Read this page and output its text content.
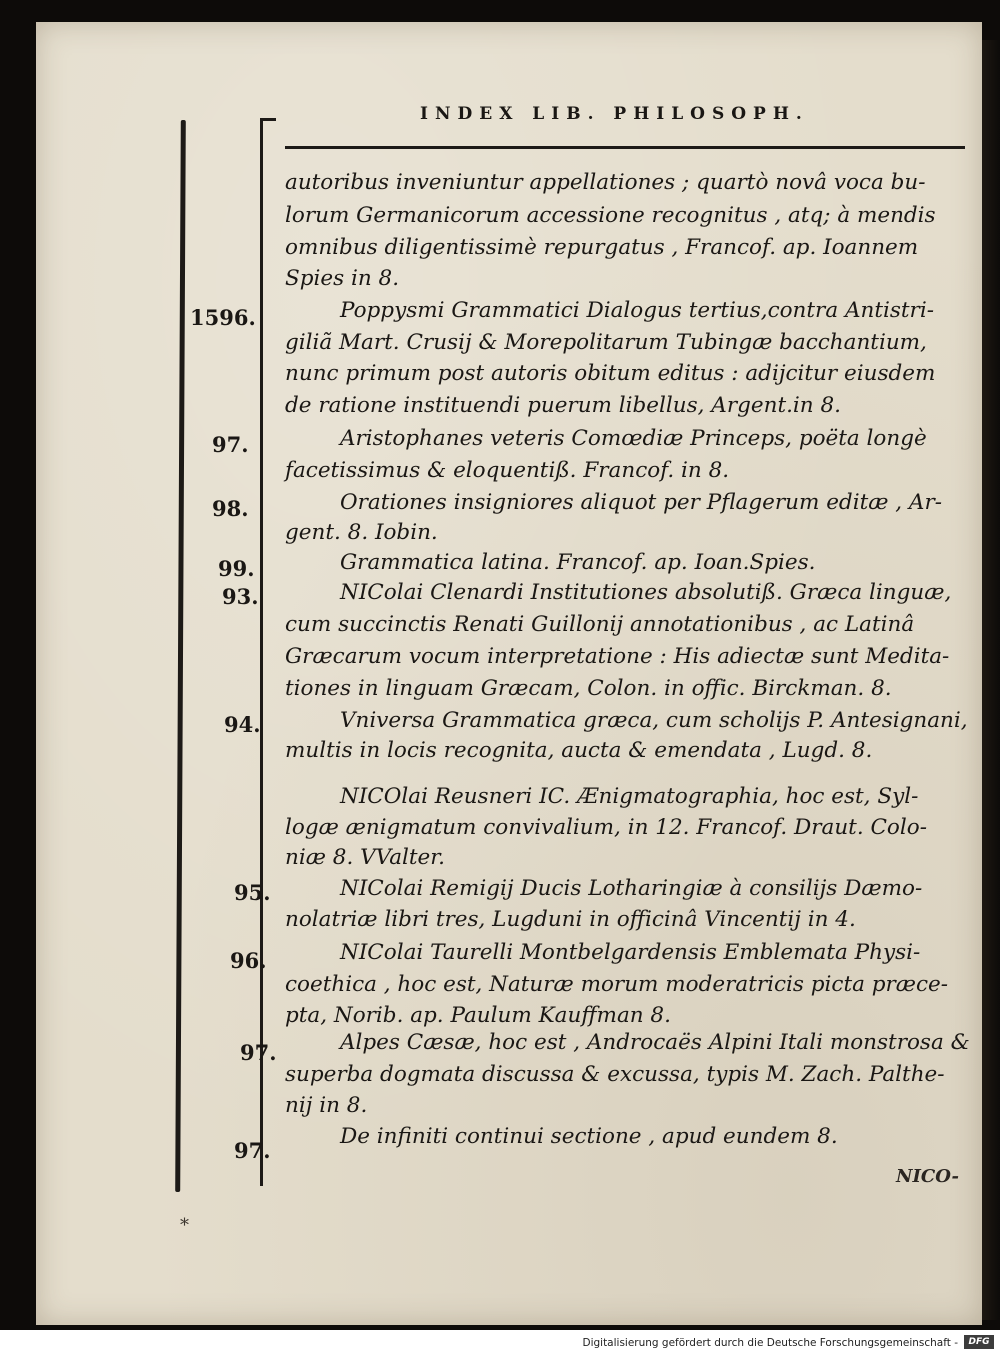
INDEX LIB. PHILOSOPH.
1596.
97.
98.
99.
93.
94.
95.
96.
97.
97.
autoribus inveniuntur appellationes ; quartò novâ voca bu-
lorum Germanicorum accessione recognitus , atq; à mendis
omnibus diligentissimè repurgatus , Francof. ap. Ioannem
Spies in 8.
Poppysmi Grammatici Dialogus tertius,contra Antistri-
giliã Mart. Crusij & Morepolitarum Tubingæ bacchantium,
nunc primum post autoris obitum editus : adijcitur eiusdem
de ratione instituendi puerum libellus, Argent.in 8.
Aristophanes veteris Comœdiæ Princeps, poëta longè
facetissimus & eloquentiß. Francof. in 8.
Orationes insigniores aliquot per Pflagerum editæ , Ar-
gent. 8. Iobin.
Grammatica latina. Francof. ap. Ioan.Spies.
NIColai Clenardi Institutiones absolutiß. Græca linguæ,
cum succinctis Renati Guillonij annotationibus , ac Latinâ
Græcarum vocum interpretatione : His adiectæ sunt Medita-
tiones in linguam Græcam, Colon. in offic. Birckman. 8.
Vniversa Grammatica græca, cum scholijs P. Antesignani,
multis in locis recognita, aucta & emendata , Lugd. 8.
NICOlai Reusneri IC. Ænigmatographia, hoc est, Syl-
logæ ænigmatum convivalium, in 12. Francof. Draut. Colo-
niæ 8. VValter.
NIColai Remigij Ducis Lotharingiæ à consilijs Dæmo-
nolatriæ libri tres, Lugduni in officinâ Vincentij in 4.
NIColai Taurelli Montbelgardensis Emblemata Physi-
coethica , hoc est, Naturæ morum moderatricis picta præce-
pta, Norib. ap. Paulum Kauffman 8.
Alpes Cæsæ, hoc est , Androcaës Alpini Itali monstrosa &
superba dogmata discussa & excussa, typis M. Zach. Palthe-
nij in 8.
De infiniti continui sectione , apud eundem 8.
NICO-
*
Digitalisierung gefördert durch die Deutsche Forschungsgemeinschaft -	DFG
